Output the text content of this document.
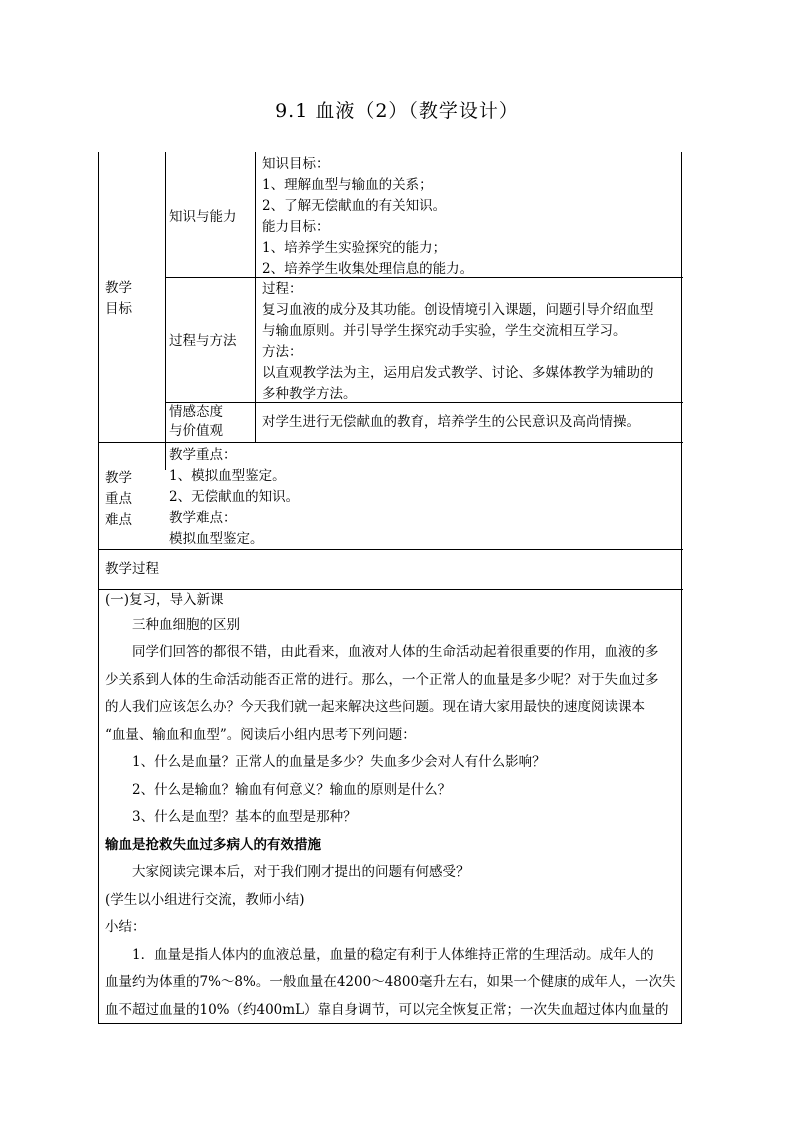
9.1 血液（2）（教学设计）
教学
目标
知识与能力

知识目标：

1、理解血型与输血的关系；

2、了解无偿献血的有关知识。

能力目标：

1、培养学生实验探究的能力；

2、培养学生收集处理信息的能力。

过程与方法

过程：

复习血液的成分及其功能。创设情境引入课题，问题引导介绍血型

与输血原则。并引导学生探究动手实验，学生交流相互学习。

方法：

以直观教学法为主，运用启发式教学、讨论、多媒体教学为辅助的

多种教学方法。

情感态度
与价值观

对学生进行无偿献血的教育，培养学生的公民意识及高尚情操。

教学
重点
难点

教学重点：

1、模拟血型鉴定。

2、无偿献血的知识。

教学难点：

模拟血型鉴定。

教学过程

(一)复习，导入新课

三种血细胞的区别

同学们回答的都很不错，由此看来，血液对人体的生命活动起着很重要的作用，血液的多

少关系到人体的生命活动能否正常的进行。那么，一个正常人的血量是多少呢？对于失血过多

的人我们应该怎么办？今天我们就一起来解决这些问题。现在请大家用最快的速度阅读课本

“血量、输血和血型”。阅读后小组内思考下列问题：

1、什么是血量？正常人的血量是多少？失血多少会对人有什么影响？

2、什么是输血？输血有何意义？输血的原则是什么？

3、什么是血型？基本的血型是那种？

输血是抢救失血过多病人的有效措施

大家阅读完课本后，对于我们刚才提出的问题有何感受？

(学生以小组进行交流，教师小结)

小结：

1．血量是指人体内的血液总量，血量的稳定有利于人体维持正常的生理活动。成年人的

血量约为体重的7%～8%。一般血量在4200～4800毫升左右，如果一个健康的成年人，一次失

血不超过血量的10%（约400mL）靠自身调节，可以完全恢复正常；一次失血超过体内血量的
